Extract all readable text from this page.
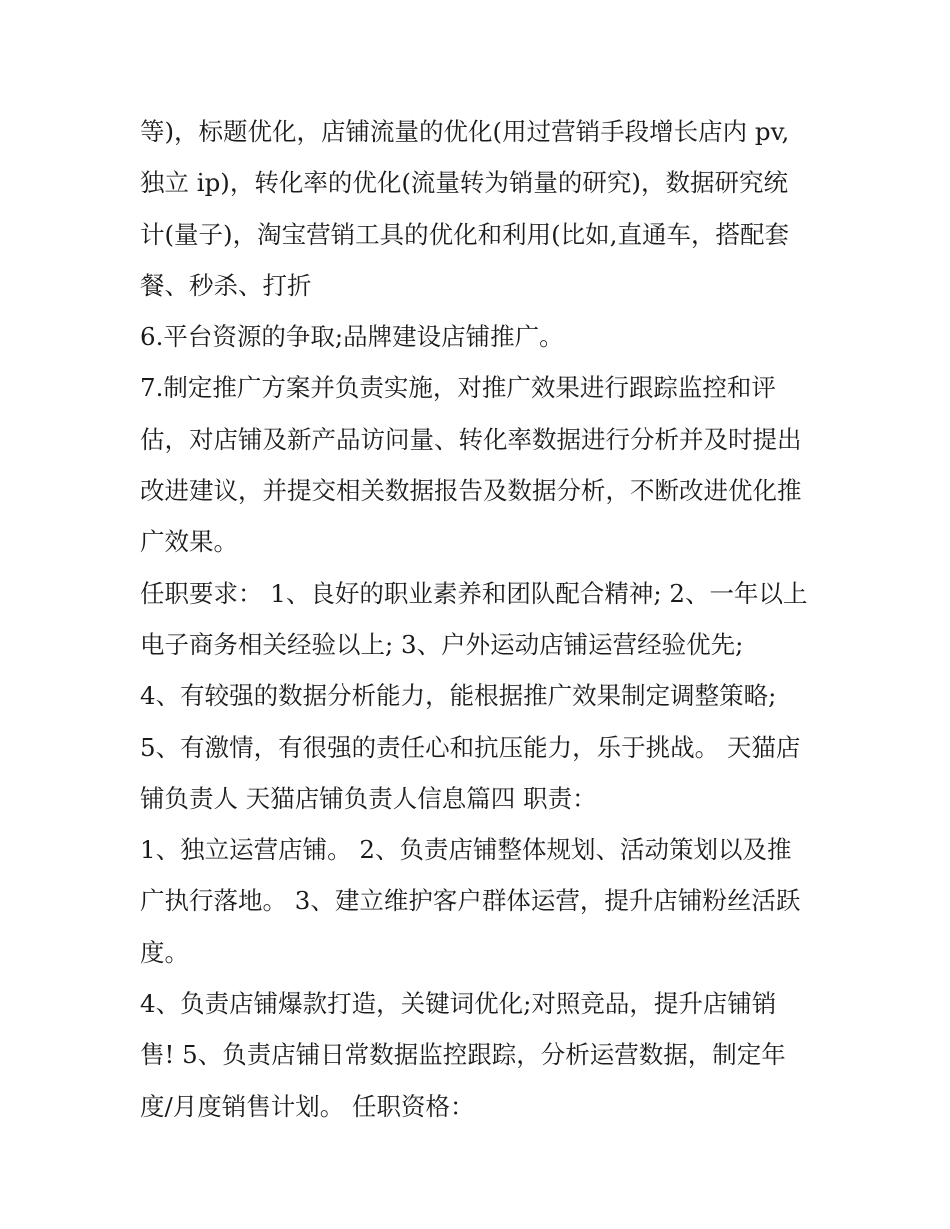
等)，标题优化，店铺流量的优化(用过营销手段增长店内 pv,
独立 ip)，转化率的优化(流量转为销量的研究)，数据研究统
计(量子)，淘宝营销工具的优化和利用(比如,直通车，搭配套
餐、秒杀、打折
6.平台资源的争取;品牌建设店铺推广。
7.制定推广方案并负责实施，对推广效果进行跟踪监控和评
估，对店铺及新产品访问量、转化率数据进行分析并及时提出
改进建议，并提交相关数据报告及数据分析，不断改进优化推
广效果。
任职要求： 1、良好的职业素养和团队配合精神; 2、一年以上
电子商务相关经验以上; 3、户外运动店铺运营经验优先;
4、有较强的数据分析能力，能根据推广效果制定调整策略;
5、有激情，有很强的责任心和抗压能力，乐于挑战。 天猫店
铺负责人 天猫店铺负责人信息篇四 职责：
1、独立运营店铺。 2、负责店铺整体规划、活动策划以及推
广执行落地。 3、建立维护客户群体运营，提升店铺粉丝活跃
度。
4、负责店铺爆款打造，关键词优化;对照竞品，提升店铺销
售! 5、负责店铺日常数据监控跟踪，分析运营数据，制定年
度/月度销售计划。 任职资格：
